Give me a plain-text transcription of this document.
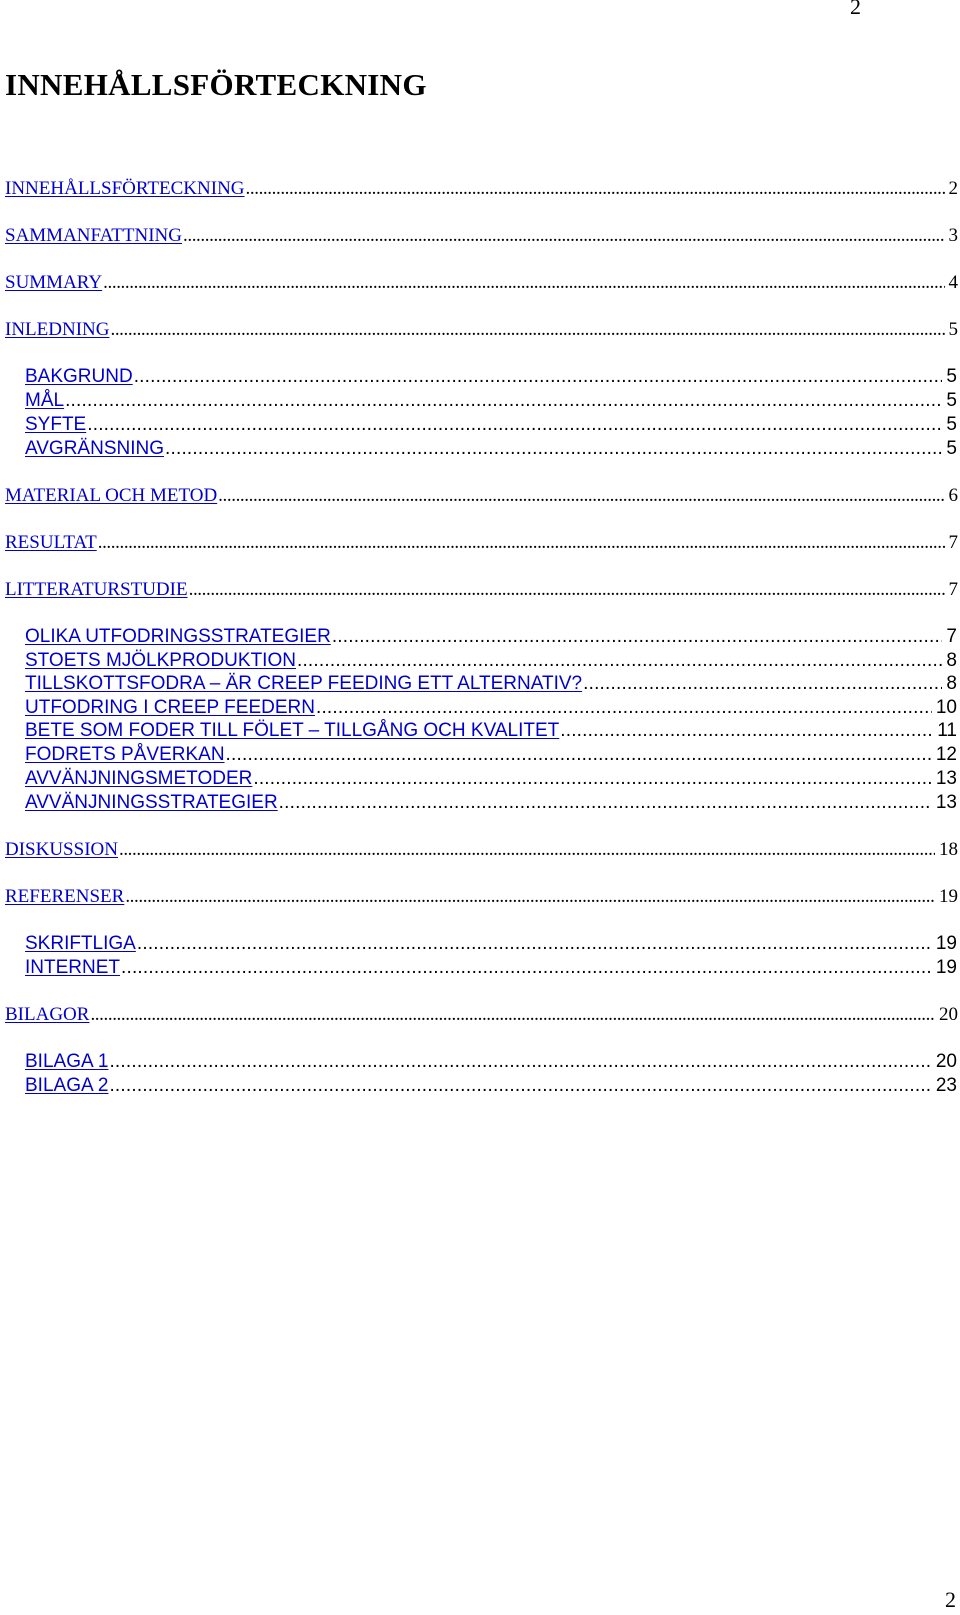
2
INNEHÅLLSFÖRTECKNING
INNEHÅLLSFÖRTECKNING .....	2
SAMMANFATTNING .....	3
SUMMARY .....	4
INLEDNING .....	5
BAKGRUND .....	5
MÅL .....	5
SYFTE .....	5
AVGRÄNSNING .....	5
MATERIAL OCH METOD .....	6
RESULTAT .....	7
LITTERATURSTUDIE .....	7
OLIKA UTFODRINGSSTRATEGIER .....	7
STOETS MJÖLKPRODUKTION .....	8
TILLSKOTTSFODRA – ÄR CREEP FEEDING ETT ALTERNATIV? .....	8
UTFODRING I CREEP FEEDERN .....	10
BETE SOM FODER TILL FÖLET – TILLGÅNG OCH KVALITET .....	11
FODRETS PÅVERKAN .....	12
AVVÄNJNINGSMETODER .....	13
AVVÄNJNINGSSTRATEGIER .....	13
DISKUSSION .....	18
REFERENSER .....	19
SKRIFTLIGA .....	19
INTERNET .....	19
BILAGOR .....	20
BILAGA 1 .....	20
BILAGA 2 .....	23
2
